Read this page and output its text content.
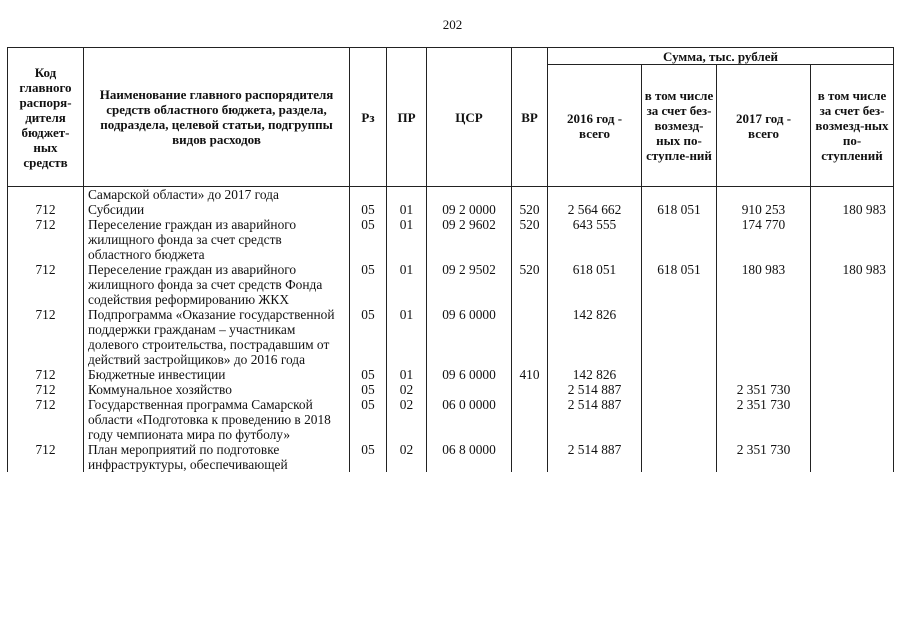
202
Код главного распоря-дителя бюджет-ных средств	Наименование главного распорядителя средств областного бюджета, раздела, подраздела, целевой статьи, подгруппы видов расходов	Рз	ПР	ЦСР	ВР	Сумма, тыс. рублей			
						2016 год - всего	в том числе за счет без-возмезд-ных по-ступле-ний	2017 год - всего	в том числе за счет без-возмезд-ных по-ступлений
	Самарской области» до 2017 года								
712	Субсидии	05	01	09 2 0000	520	2 564 662	618 051	910 253	180 983
712	Переселение граждан из аварийного жилищного фонда за счет средств областного бюджета	05	01	09 2 9602	520	643 555		174 770	
712	Переселение граждан из аварийного жилищного фонда за счет средств Фонда содействия реформированию ЖКХ	05	01	09 2 9502	520	618 051	618 051	180 983	180 983
712	Подпрограмма «Оказание государственной поддержки гражданам – участникам долевого строительства, пострадавшим от действий застройщиков» до 2016 года	05	01	09 6 0000		142 826			
712	Бюджетные инвестиции	05	01	09 6 0000	410	142 826			
712	Коммунальное хозяйство	05	02			2 514 887		2 351 730	
712	Государственная программа Самарской области «Подготовка к проведению в 2018 году чемпионата мира по футболу»	05	02	06 0 0000		2 514 887		2 351 730	
712	План мероприятий по подготовке инфраструктуры, обеспечивающей	05	02	06 8 0000		2 514 887		2 351 730	
